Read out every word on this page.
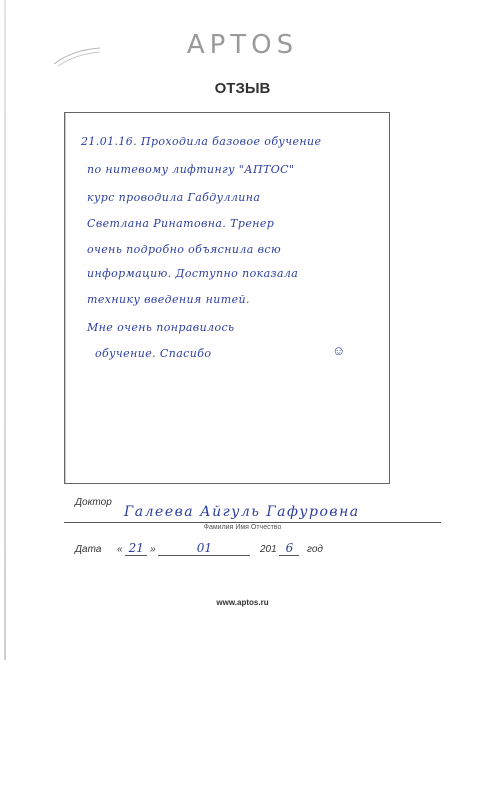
APTOS
ОТЗЫВ
21.01.16. Проходила базовое обучение
по нитевому лифтингу "АПТОС"
курс проводила Габдуллина
Светлана Ринатовна. Тренер
очень подробно объяснила всю
информацию. Доступно показала
технику введения нитей.
Мне очень понравилось
обучение. Спасибо	☺
Доктор
Галеева Айгуль Гафуровна
Фамилия Имя Отчество
Дата « 21 »	01	201 6 год
www.aptos.ru
